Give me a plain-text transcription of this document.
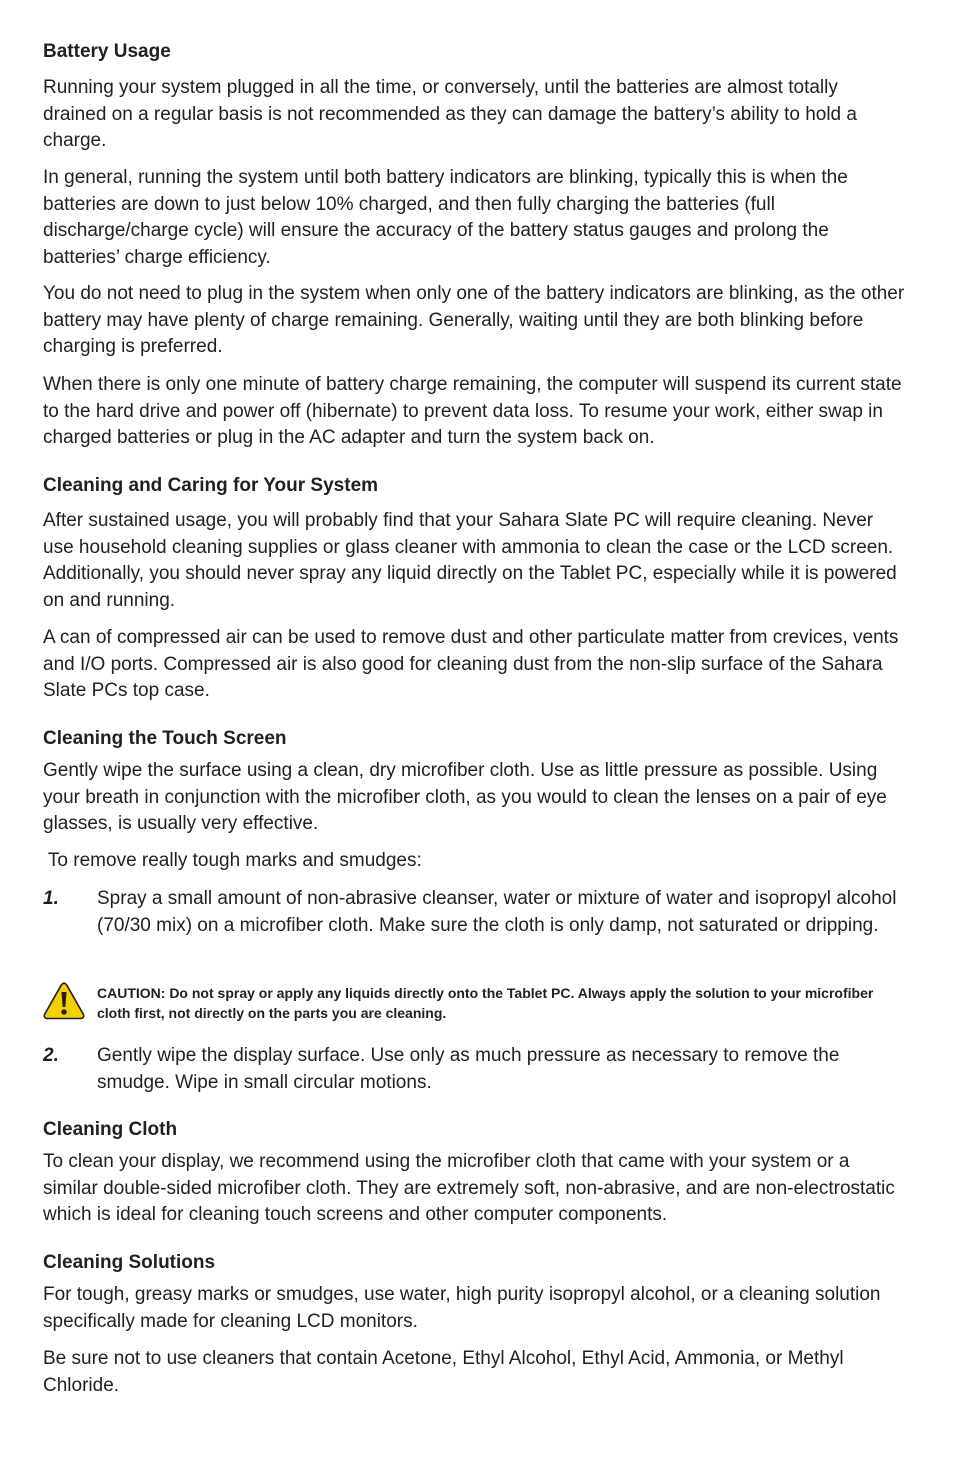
Battery Usage
Running your system plugged in all the time, or conversely, until the batteries are almost totally drained on a regular basis is not recommended as they can damage the battery’s ability to hold a charge.
In general, running the system until both battery indicators are blinking, typically this is when the batteries are down to just below 10% charged, and then fully charging the batteries (full discharge/charge cycle) will ensure the accuracy of the battery status gauges and prolong the batteries’ charge efficiency.
You do not need to plug in the system when only one of the battery indicators are blinking, as the other battery may have plenty of charge remaining. Generally, waiting until they are both blinking before charging is preferred.
When there is only one minute of battery charge remaining, the computer will suspend its current state to the hard drive and power off (hibernate) to prevent data loss. To resume your work, either swap in charged batteries or plug in the AC adapter and turn the system back on.
Cleaning and Caring for Your System
After sustained usage, you will probably find that your Sahara Slate PC will require cleaning. Never use household cleaning supplies or glass cleaner with ammonia to clean the case or the LCD screen. Additionally, you should never spray any liquid directly on the Tablet PC, especially while it is powered on and running.
A can of compressed air can be used to remove dust and other particulate matter from crevices, vents and I/O ports. Compressed air is also good for cleaning dust from the non-slip surface of the Sahara Slate PCs top case.
Cleaning the Touch Screen
Gently wipe the surface using a clean, dry microfiber cloth. Use as little pressure as possible. Using your breath in conjunction with the microfiber cloth, as you would to clean the lenses on a pair of eye glasses, is usually very effective.
To remove really tough marks and smudges:
1. Spray a small amount of non-abrasive cleanser, water or mixture of water and isopropyl alcohol (70/30 mix) on a microfiber cloth. Make sure the cloth is only damp, not saturated or dripping.
CAUTION: Do not spray or apply any liquids directly onto the Tablet PC. Always apply the solution to your microfiber cloth first, not directly on the parts you are cleaning.
2. Gently wipe the display surface. Use only as much pressure as necessary to remove the smudge. Wipe in small circular motions.
Cleaning Cloth
To clean your display, we recommend using the microfiber cloth that came with your system or a similar double-sided microfiber cloth. They are extremely soft, non-abrasive, and are non-electrostatic which is ideal for cleaning touch screens and other computer components.
Cleaning Solutions
For tough, greasy marks or smudges, use water, high purity isopropyl alcohol, or a cleaning solution specifically made for cleaning LCD monitors.
Be sure not to use cleaners that contain Acetone, Ethyl Alcohol, Ethyl Acid, Ammonia, or Methyl Chloride.
